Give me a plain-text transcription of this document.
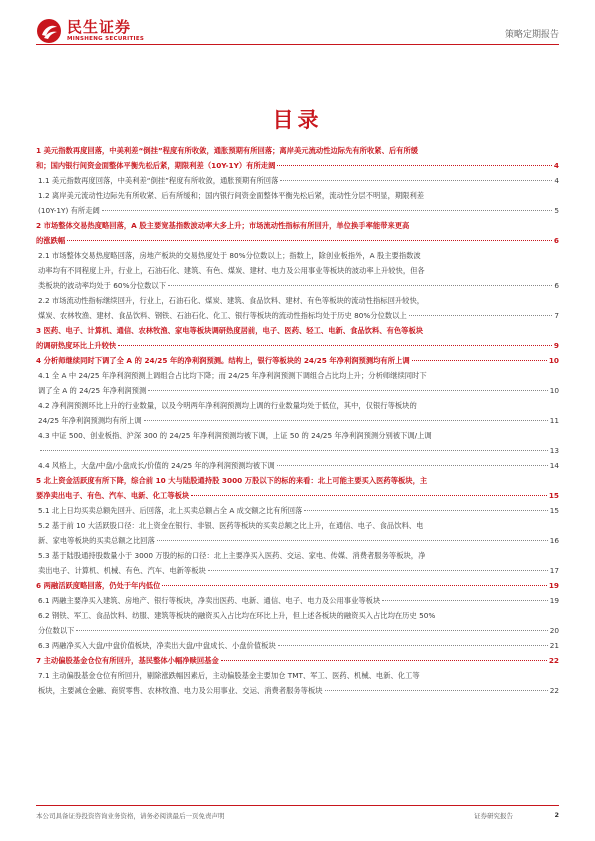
民生证券
MINSHENG SECURITIES	策略定期报告
目录
1 美元指数再度回落，中美利差“倒挂”程度有所收敛，通胀预期有所回落；离岸美元流动性边际先有所收紧、后有所缓
和；国内银行间资金面整体平衡先松后紧，期限利差（10Y-1Y）有所走阔	4
1.1 美元指数再度回落，中美利差“倒挂”程度有所收敛，通胀预期有所回落	4
1.2 离岸美元流动性边际先有所收紧、后有所缓和；国内银行间资金面整体平衡先松后紧，流动性分层不明显，期限利差
(10Y-1Y) 有所走阔	5
2 市场整体交易热度略回落，A 股主要宽基指数波动率大多上升；市场流动性指标有所回升，单位换手率能带来更高
的涨跌幅	6
2.1 市场整体交易热度略回落，房地产板块的交易热度处于 80%分位数以上；指数上，除创业板指外，A 股主要指数波
动率均有不同程度上升，行业上，石油石化、建筑、有色、煤炭、建材、电力及公用事业等板块的波动率上升较快，但各
类板块的波动率均处于 60%分位数以下	6
2.2 市场流动性指标继续回升，行业上，石油石化、煤炭、建筑、食品饮料、建材、有色等板块的流动性指标回升较快，
煤炭、农林牧渔、建材、食品饮料、钢铁、石油石化、化工、银行等板块的流动性指标均处于历史 80%分位数以上	7
3 医药、电子、计算机、通信、农林牧渔、家电等板块调研热度居前，电子、医药、轻工、电新、食品饮料、有色等板块
的调研热度环比上升较快	9
4 分析师继续同时下调了全 A 的 24/25 年的净利润预测。结构上，银行等板块的 24/25 年净利润预测均有所上调	10
4.1 全 A 中 24/25 年净利润预测上调组合占比均下降；而 24/25 年净利润预测下调组合占比均上升；分析师继续同时下
调了全 A 的 24/25 年净利润预测	10
4.2 净利润预测环比上升的行业数量，以及今明两年净利润预测均上调的行业数量均处于低位，其中，仅银行等板块的
24/25 年净利润预测均有所上调	11
4.3 中证 500、创业板指、沪深 300 的 24/25 年净利润预测均被下调，上证 50 的 24/25 年净利润预测分别被下调/上调
13
4.4 风格上，大盘/中盘/小盘成长/价值的 24/25 年的净利润预测均被下调	14
5 北上资金活跃度有所下降，综合前 10 大与陆股通持股 3000 万股以下的标的来看：北上可能主要买入医药等板块，主
要净卖出电子、有色、汽车、电新、化工等板块	15
5.1 北上日均买卖总额先回升、后回落，北上买卖总额占全 A 成交额之比有所回落	15
5.2 基于前 10 大活跃股口径：北上资金在银行、非银、医药等板块的买卖总额之比上升，在通信、电子、食品饮料、电
新、家电等板块的买卖总额之比回落	16
5.3 基于陆股通持股数量小于 3000 万股的标的口径：北上主要净买入医药、交运、家电、传媒、消费者服务等板块，净
卖出电子、计算机、机械、有色、汽车、电新等板块	17
6 两融活跃度略回落，仍处于年内低位	19
6.1 两融主要净买入建筑、房地产、银行等板块，净卖出医药、电新、通信、电子、电力及公用事业等板块	19
6.2 钢铁、军工、食品饮料、纺服、建筑等板块的融资买入占比均在环比上升，但上述各板块的融资买入占比均在历史 50%
分位数以下	20
6.3 两融净买入大盘/中盘价值板块，净卖出大盘/中盘成长、小盘价值板块	21
7 主动偏股基金仓位有所回升，基民整体小幅净赎回基金	22
7.1 主动偏股基金仓位有所回升，剔除涨跌幅因素后，主动偏股基金主要加仓 TMT、军工、医药、机械、电新、化工等
板块，主要减仓金融、商贸零售、农林牧渔、电力及公用事业、交运、消费者服务等板块	22
本公司具备证券投资咨询业务资格，请务必阅读最后一页免责声明	证券研究报告	2
